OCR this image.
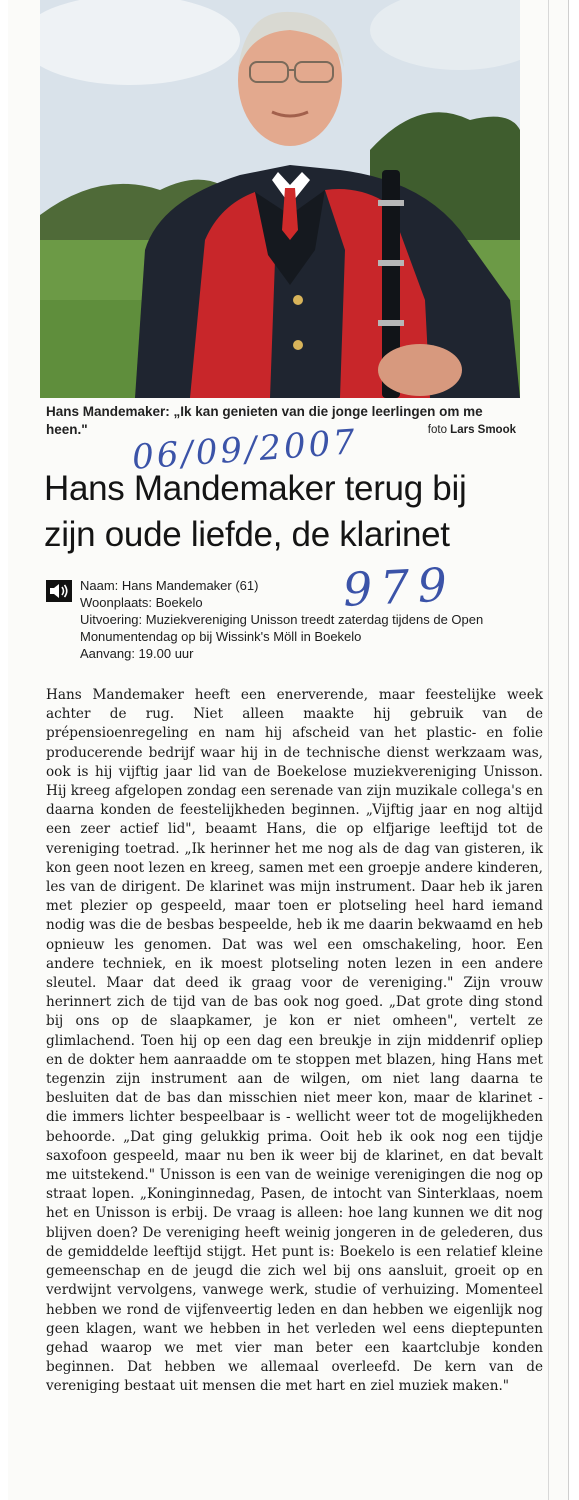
Hans Mandemaker: „Ik kan genieten van die jonge leerlingen om me heen."	foto Lars Smook
06/09/2007
Hans Mandemaker terug bij
zijn oude liefde, de klarinet
Naam: Hans Mandemaker (61)
Woonplaats: Boekelo
Uitvoering: Muziekvereniging Unisson treedt zaterdag tijdens de Open Monumentendag op bij Wissink's Möll in Boekelo
Aanvang: 19.00 uur
979

Hans Mandemaker heeft een enerverende, maar feestelijke week achter de rug. Niet alleen maakte hij gebruik van de prépensioenregeling en nam hij afscheid van het plastic- en folie producerende bedrijf waar hij in de technische dienst werkzaam was, ook is hij vijftig jaar lid van de Boekelose muziekvereniging Unisson. Hij kreeg afgelopen zondag een serenade van zijn muzikale collega's en daarna konden de feestelijkheden beginnen. „Vijftig jaar en nog altijd een zeer actief lid", beaamt Hans, die op elfjarige leeftijd tot de vereniging toetrad. „Ik herinner het me nog als de dag van gisteren, ik kon geen noot lezen en kreeg, samen met een groepje andere kinderen, les van de dirigent. De klarinet was mijn instrument. Daar heb ik jaren met plezier op gespeeld, maar toen er plotseling heel hard iemand nodig was die de besbas bespeelde, heb ik me daarin bekwaamd en heb opnieuw les genomen. Dat was wel een omschakeling, hoor. Een andere techniek, en ik moest plotseling noten lezen in een andere sleutel. Maar dat deed ik graag voor de vereniging." Zijn vrouw herinnert zich de tijd van de bas ook nog goed. „Dat grote ding stond bij ons op de slaapkamer, je kon er niet omheen", vertelt ze glimlachend. Toen hij op een dag een breukje in zijn middenrif opliep en de dokter hem aanraadde om te stoppen met blazen, hing Hans met tegenzin zijn instrument aan de wilgen, om niet lang daarna te besluiten dat de bas dan misschien niet meer kon, maar de klarinet - die immers lichter bespeelbaar is - wellicht weer tot de mogelijkheden behoorde. „Dat ging gelukkig prima. Ooit heb ik ook nog een tijdje saxofoon gespeeld, maar nu ben ik weer bij de klarinet, en dat bevalt me uitstekend." Unisson is een van de weinige verenigingen die nog op straat lopen. „Koninginnedag, Pasen, de intocht van Sinterklaas, noem het en Unisson is erbij. De vraag is alleen: hoe lang kunnen we dit nog blijven doen? De vereniging heeft weinig jongeren in de gelederen, dus de gemiddelde leeftijd stijgt. Het punt is: Boekelo is een relatief kleine gemeenschap en de jeugd die zich wel bij ons aansluit, groeit op en verdwijnt vervolgens, vanwege werk, studie of verhuizing. Momenteel hebben we rond de vijfenveertig leden en dan hebben we eigenlijk nog geen klagen, want we hebben in het verleden wel eens dieptepunten gehad waarop we met vier man beter een kaartclubje konden beginnen. Dat hebben we allemaal overleefd. De kern van de vereniging bestaat uit mensen die met hart en ziel muziek maken."
